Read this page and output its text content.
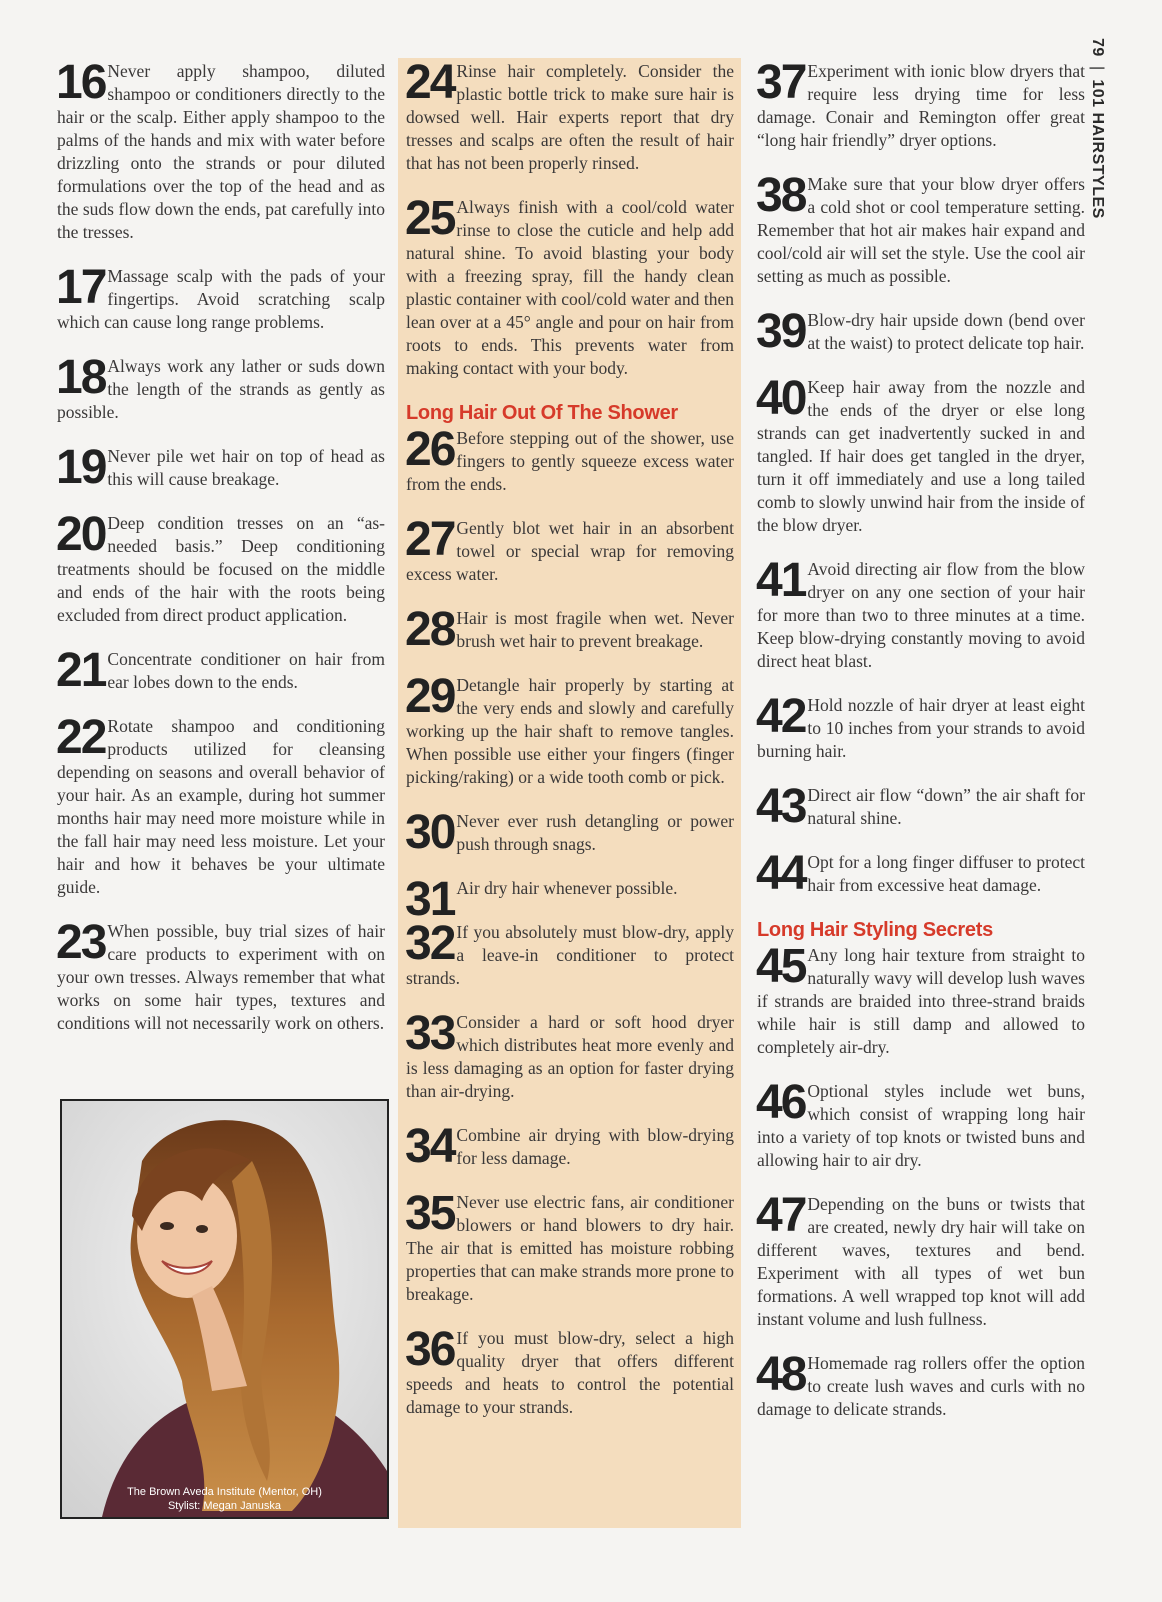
79 | 101 HAIRSTYLES
16 Never apply shampoo, diluted shampoo or conditioners directly to the hair or the scalp. Either apply shampoo to the palms of the hands and mix with water before drizzling onto the strands or pour diluted formulations over the top of the head and as the suds flow down the ends, pat carefully into the tresses.
17 Massage scalp with the pads of your fingertips. Avoid scratching scalp which can cause long range problems.
18 Always work any lather or suds down the length of the strands as gently as possible.
19 Never pile wet hair on top of head as this will cause breakage.
20 Deep condition tresses on an “as-needed basis.” Deep conditioning treatments should be focused on the middle and ends of the hair with the roots being excluded from direct product application.
21 Concentrate conditioner on hair from ear lobes down to the ends.
22 Rotate shampoo and conditioning products utilized for cleansing depending on seasons and overall behavior of your hair. As an example, during hot summer months hair may need more moisture while in the fall hair may need less moisture. Let your hair and how it behaves be your ultimate guide.
23 When possible, buy trial sizes of hair care products to experiment with on your own tresses. Always remember that what works on some hair types, textures and conditions will not necessarily work on others.
24 Rinse hair completely. Consider the plastic bottle trick to make sure hair is dowsed well. Hair experts report that dry tresses and scalps are often the result of hair that has not been properly rinsed.
25 Always finish with a cool/cold water rinse to close the cuticle and help add natural shine. To avoid blasting your body with a freezing spray, fill the handy clean plastic container with cool/cold water and then lean over at a 45° angle and pour on hair from roots to ends. This prevents water from making contact with your body.
Long Hair Out Of The Shower
26 Before stepping out of the shower, use fingers to gently squeeze excess water from the ends.
27 Gently blot wet hair in an absorbent towel or special wrap for removing excess water.
28 Hair is most fragile when wet. Never brush wet hair to prevent breakage.
29 Detangle hair properly by starting at the very ends and slowly and carefully working up the hair shaft to remove tangles. When possible use either your fingers (finger picking/raking) or a wide tooth comb or pick.
30 Never ever rush detangling or power push through snags.
31 Air dry hair whenever possible.
32 If you absolutely must blow-dry, apply a leave-in conditioner to protect strands.
33 Consider a hard or soft hood dryer which distributes heat more evenly and is less damaging as an option for faster drying than air-drying.
34 Combine air drying with blow-drying for less damage.
35 Never use electric fans, air conditioner blowers or hand blowers to dry hair. The air that is emitted has moisture robbing properties that can make strands more prone to breakage.
36 If you must blow-dry, select a high quality dryer that offers different speeds and heats to control the potential damage to your strands.
37 Experiment with ionic blow dryers that require less drying time for less damage. Conair and Remington offer great “long hair friendly” dryer options.
38 Make sure that your blow dryer offers a cold shot or cool temperature setting. Remember that hot air makes hair expand and cool/cold air will set the style. Use the cool air setting as much as possible.
39 Blow-dry hair upside down (bend over at the waist) to protect delicate top hair.
40 Keep hair away from the nozzle and the ends of the dryer or else long strands can get inadvertently sucked in and tangled. If hair does get tangled in the dryer, turn it off immediately and use a long tailed comb to slowly unwind hair from the inside of the blow dryer.
41 Avoid directing air flow from the blow dryer on any one section of your hair for more than two to three minutes at a time. Keep blow-drying constantly moving to avoid direct heat blast.
42 Hold nozzle of hair dryer at least eight to 10 inches from your strands to avoid burning hair.
43 Direct air flow “down” the air shaft for natural shine.
44 Opt for a long finger diffuser to protect hair from excessive heat damage.
Long Hair Styling Secrets
45 Any long hair texture from straight to naturally wavy will develop lush waves if strands are braided into three-strand braids while hair is still damp and allowed to completely air-dry.
46 Optional styles include wet buns, which consist of wrapping long hair into a variety of top knots or twisted buns and allowing hair to air dry.
47 Depending on the buns or twists that are created, newly dry hair will take on different waves, textures and bend. Experiment with all types of wet bun formations. A well wrapped top knot will add instant volume and lush fullness.
48 Homemade rag rollers offer the option to create lush waves and curls with no damage to delicate strands.
The Brown Aveda Institute (Mentor, OH)
Stylist: Megan Januska
